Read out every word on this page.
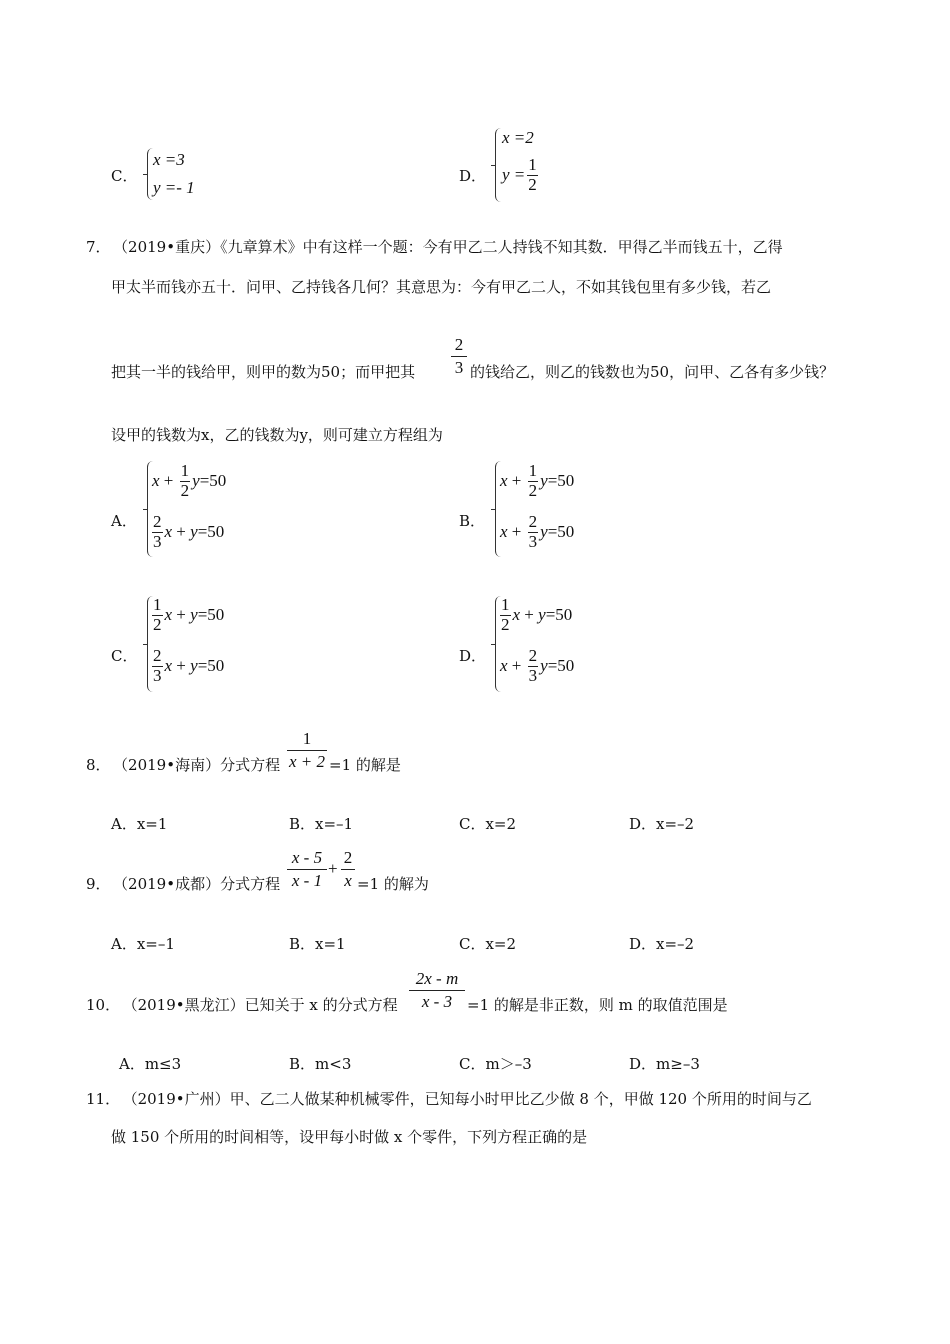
C．
x =3
y =- 1
D．
x =2
$y = \frac{1}{2}$
7． （2019•重庆）《九章算术》中有这样一个题：今有甲乙二人持钱不知其数．甲得乙半而钱五十，乙得
甲太半而钱亦五十．问甲、乙持钱各几何？其意思为：今有甲乙二人，不如其钱包里有多少钱，若乙
把其一半的钱给甲，则甲的数为50；而甲把其
2
3 的钱给乙，则乙的钱数也为50，问甲、乙各有多少钱？
设甲的钱数为x，乙的钱数为y，则可建立方程组为
A．
$x + \frac{1}{2} y=50$
$\frac{2}{3}$ x + y=50
B．
$x + \frac{1}{2} y=50$
$x + \frac{2}{3} y=50$
C．
$\frac{1}{2}$ x + y=50
$\frac{2}{3}$ x + y=50
D．
$\frac{1}{2}$ x + y=50
$x + \frac{2}{3} y=50$
8． （2019•海南）分式方程
1
x + 2 =1 的解是
A．x=1	B．x=–1	C．x=2	D．x=–2
9． （2019•成都）分式方程
x - 5
x - 1
+
2
x =1 的解为
A．x=–1	B．x=1	C．x=2	D．x=–2
10． （2019•黑龙江）已知关于 x 的分式方程
2x - m
x - 3 =1 的解是非正数，则 m 的取值范围是
A．m≤3	B．m<3	C．m＞–3	D．m≥–3
11． （2019•广州）甲、乙二人做某种机械零件，已知每小时甲比乙少做 8 个，甲做 120 个所用的时间与乙
做 150 个所用的时间相等，设甲每小时做 x 个零件，下列方程正确的是
